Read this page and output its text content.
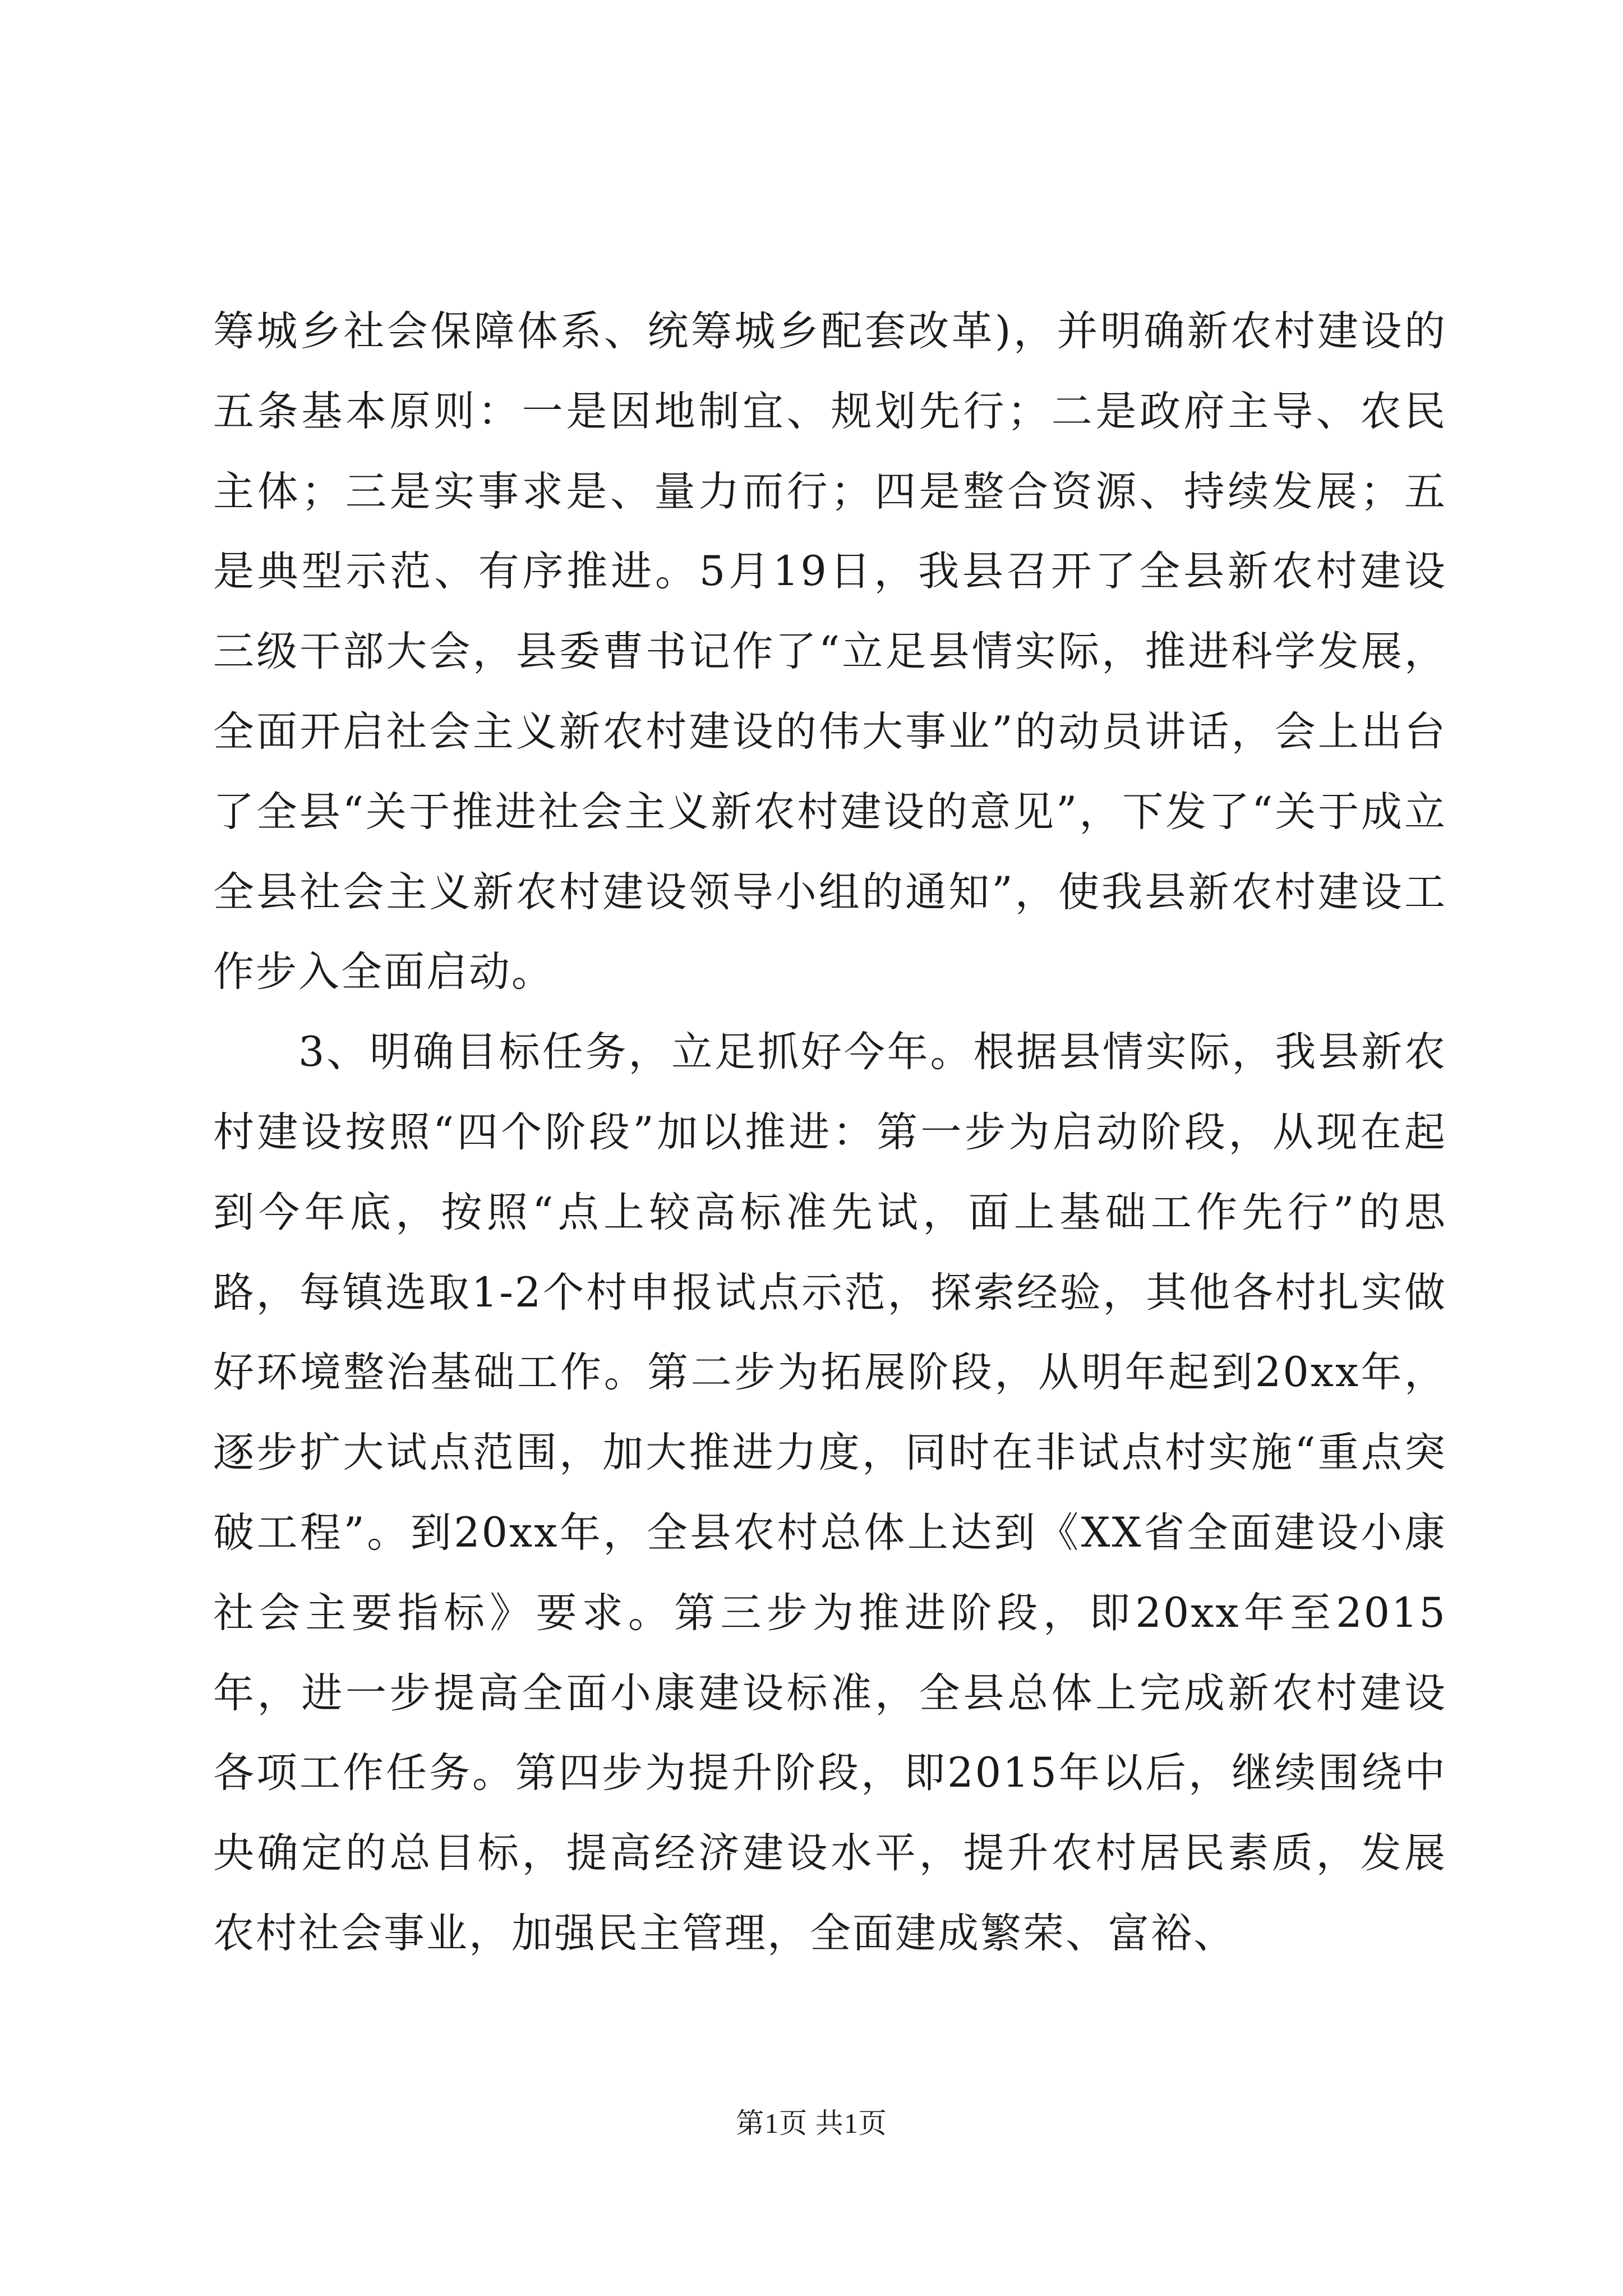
筹城乡社会保障体系、统筹城乡配套改革)，并明确新农村建设的五条基本原则：一是因地制宜、规划先行；二是政府主导、农民主体；三是实事求是、量力而行；四是整合资源、持续发展；五是典型示范、有序推进。5月19日，我县召开了全县新农村建设三级干部大会，县委曹书记作了“立足县情实际，推进科学发展，全面开启社会主义新农村建设的伟大事业”的动员讲话，会上出台了全县“关于推进社会主义新农村建设的意见”，下发了“关于成立全县社会主义新农村建设领导小组的通知”，使我县新农村建设工作步入全面启动。

3、明确目标任务，立足抓好今年。根据县情实际，我县新农村建设按照“四个阶段”加以推进：第一步为启动阶段，从现在起到今年底，按照“点上较高标准先试，面上基础工作先行”的思路，每镇选取1-2个村申报试点示范，探索经验，其他各村扎实做好环境整治基础工作。第二步为拓展阶段，从明年起到20xx年，逐步扩大试点范围，加大推进力度，同时在非试点村实施“重点突破工程”。到20xx年，全县农村总体上达到《XX省全面建设小康社会主要指标》要求。第三步为推进阶段，即20xx年至2015年，进一步提高全面小康建设标准，全县总体上完成新农村建设各项工作任务。第四步为提升阶段，即2015年以后，继续围绕中央确定的总目标，提高经济建设水平，提升农村居民素质，发展农村社会事业，加强民主管理，全面建成繁荣、富裕、

第1页 共1页
